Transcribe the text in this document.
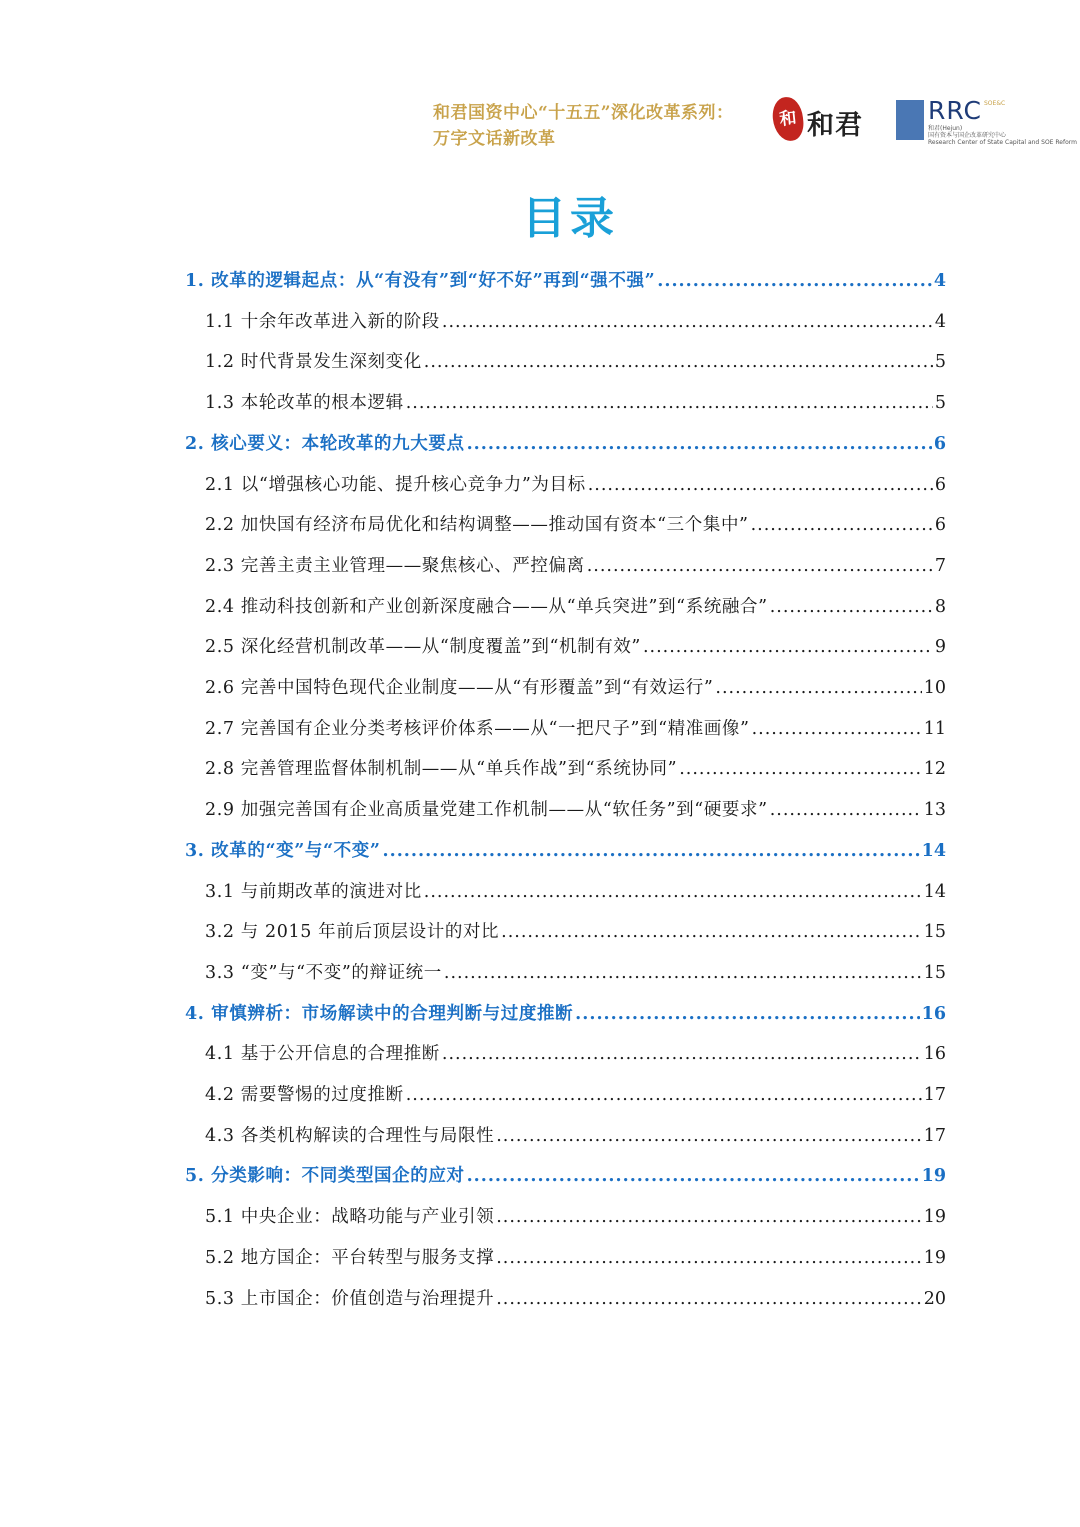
和君国资中心“十五五”深化改革系列：
万字文话新改革
和 和君	RRC SOE&C
和君(Hejun)
国有资本与国企改革研究中心
Research Center of State Capital and SOE Reform
目录
1. 改革的逻辑起点：从“有没有”到“好不好”再到“强不强” .....	4
1.1 十余年改革进入新的阶段 .....	4
1.2 时代背景发生深刻变化 .....	5
1.3 本轮改革的根本逻辑 .....	5
2. 核心要义：本轮改革的九大要点 .....	6
2.1 以“增强核心功能、提升核心竞争力”为目标 .....	6
2.2 加快国有经济布局优化和结构调整——推动国有资本“三个集中” .....	6
2.3 完善主责主业管理——聚焦核心、严控偏离 .....	7
2.4 推动科技创新和产业创新深度融合——从“单兵突进”到“系统融合” .....	8
2.5 深化经营机制改革——从“制度覆盖”到“机制有效” .....	9
2.6 完善中国特色现代企业制度——从“有形覆盖”到“有效运行” .....	10
2.7 完善国有企业分类考核评价体系——从“一把尺子”到“精准画像” .....	11
2.8 完善管理监督体制机制——从“单兵作战”到“系统协同” .....	12
2.9 加强完善国有企业高质量党建工作机制——从“软任务”到“硬要求” .....	13
3. 改革的“变”与“不变” .....	14
3.1 与前期改革的演进对比 .....	14
3.2 与 2015 年前后顶层设计的对比 .....	15
3.3 “变”与“不变”的辩证统一 .....	15
4. 审慎辨析：市场解读中的合理判断与过度推断 .....	16
4.1 基于公开信息的合理推断 .....	16
4.2 需要警惕的过度推断 .....	17
4.3 各类机构解读的合理性与局限性 .....	17
5. 分类影响：不同类型国企的应对 .....	19
5.1 中央企业：战略功能与产业引领 .....	19
5.2 地方国企：平台转型与服务支撑 .....	19
5.3 上市国企：价值创造与治理提升 .....	20
